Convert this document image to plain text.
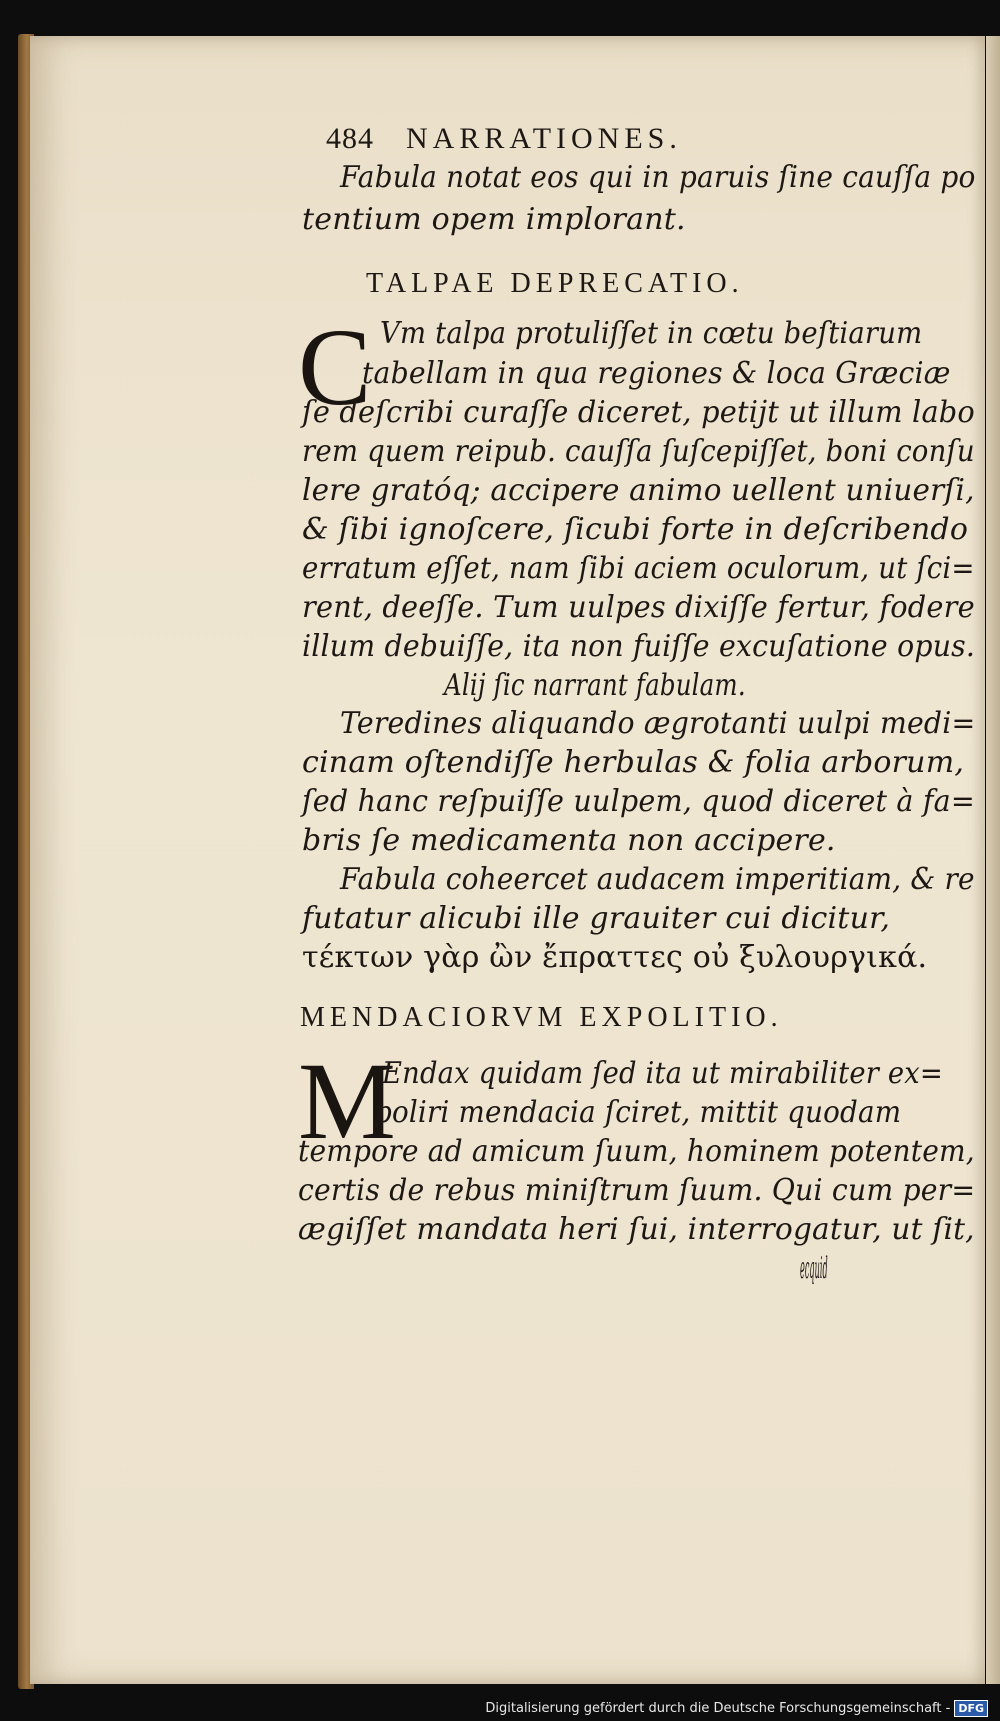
484 NARRATIONES.
Fabula notat eos qui in paruis ſine cauſſa po
tentium opem implorant.
TALPAE DEPRECATIO.
C Vm talpa protuliſſet in cœtu beſtiarum
tabellam in qua regiones & loca Græciæ
ſe deſcribi curaſſe diceret, petijt ut illum labo
rem quem reipub. cauſſa ſuſcepiſſet, boni conſu
lere gratóq; accipere animo uellent uniuerſi,
& ſibi ignoſcere, ſicubi forte in deſcribendo
erratum eſſet, nam ſibi aciem oculorum, ut ſci=
rent, deeſſe. Tum uulpes dixiſſe fertur, fodere
illum debuiſſe, ita non fuiſſe excuſatione opus.
Alij ſic narrant fabulam.
Teredines aliquando ægrotanti uulpi medi=
cinam oſtendiſſe herbulas & folia arborum,
ſed hanc reſpuiſſe uulpem, quod diceret à fa=
bris ſe medicamenta non accipere.
Fabula coheercet audacem imperitiam, & re
futatur alicubi ille grauiter cui dicitur,
τέκτων γὰρ ὢν ἔπραττες οὐ ξυλουργικά.
MENDACIORVM EXPOLITIO.
M
Endax quidam ſed ita ut mirabiliter ex=
poliri mendacia ſciret, mittit quodam
tempore ad amicum ſuum, hominem potentem,
certis de rebus miniſtrum ſuum. Qui cum per=
ægiſſet mandata heri ſui, interrogatur, ut ſit,
ecquid
Digitalisierung gefördert durch die Deutsche Forschungsgemeinschaft - DFG
